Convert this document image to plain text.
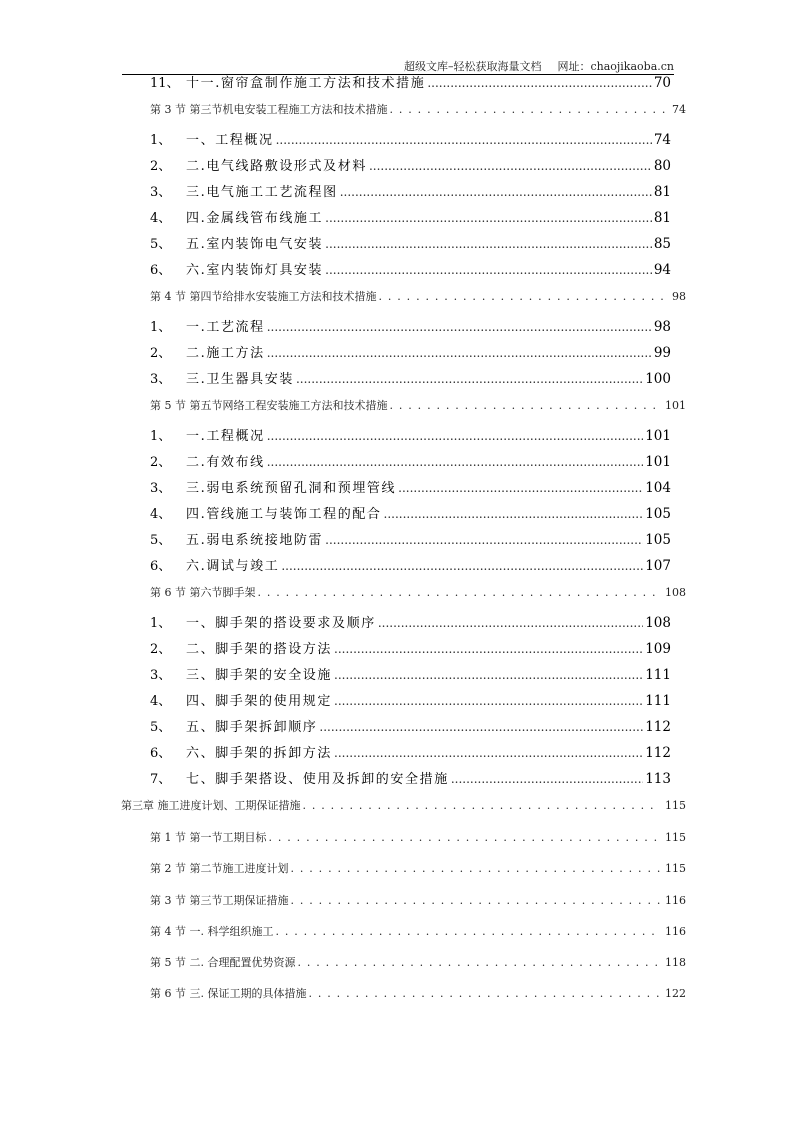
超级文库–轻松获取海量文档 网址：chaojikaoba.cn
11、 十一.窗帘盒制作施工方法和技术措施 .....	70
第 3 节 第三节机电安装工程施工方法和技术措施 . . .	74
1、 一、工程概况 .....	74
2、 二.电气线路敷设形式及材料 .....	80
3、 三.电气施工工艺流程图 .....	81
4、 四.金属线管布线施工 .....	81
5、 五.室内装饰电气安装 .....	85
6、 六.室内装饰灯具安装 .....	94
第 4 节 第四节给排水安装施工方法和技术措施 . . .	98
1、 一.工艺流程 .....	98
2、 二.施工方法 .....	99
3、 三.卫生器具安装 .....	100
第 5 节 第五节网络工程安装施工方法和技术措施 . . .	101
1、 一.工程概况 .....	101
2、 二.有效布线 .....	101
3、 三.弱电系统预留孔洞和预埋管线 .....	104
4、 四.管线施工与装饰工程的配合 .....	105
5、 五.弱电系统接地防雷 .....	105
6、 六.调试与竣工 .....	107
第 6 节 第六节脚手架 . . .	108
1、 一、脚手架的搭设要求及顺序 .....	108
2、 二、脚手架的搭设方法 .....	109
3、 三、脚手架的安全设施 .....	111
4、 四、脚手架的使用规定 .....	111
5、 五、脚手架拆卸顺序 .....	112
6、 六、脚手架的拆卸方法 .....	112
7、 七、脚手架搭设、使用及拆卸的安全措施 .....	113
第三章 施工进度计划、工期保证措施 . . .	115
第 1 节 第一节工期目标 . . .	115
第 2 节 第二节施工进度计划 . . .	115
第 3 节 第三节工期保证措施 . . .	116
第 4 节 一. 科学组织施工 . . .	116
第 5 节 二. 合理配置优势资源 . . .	118
第 6 节 三. 保证工期的具体措施 . . .	122
